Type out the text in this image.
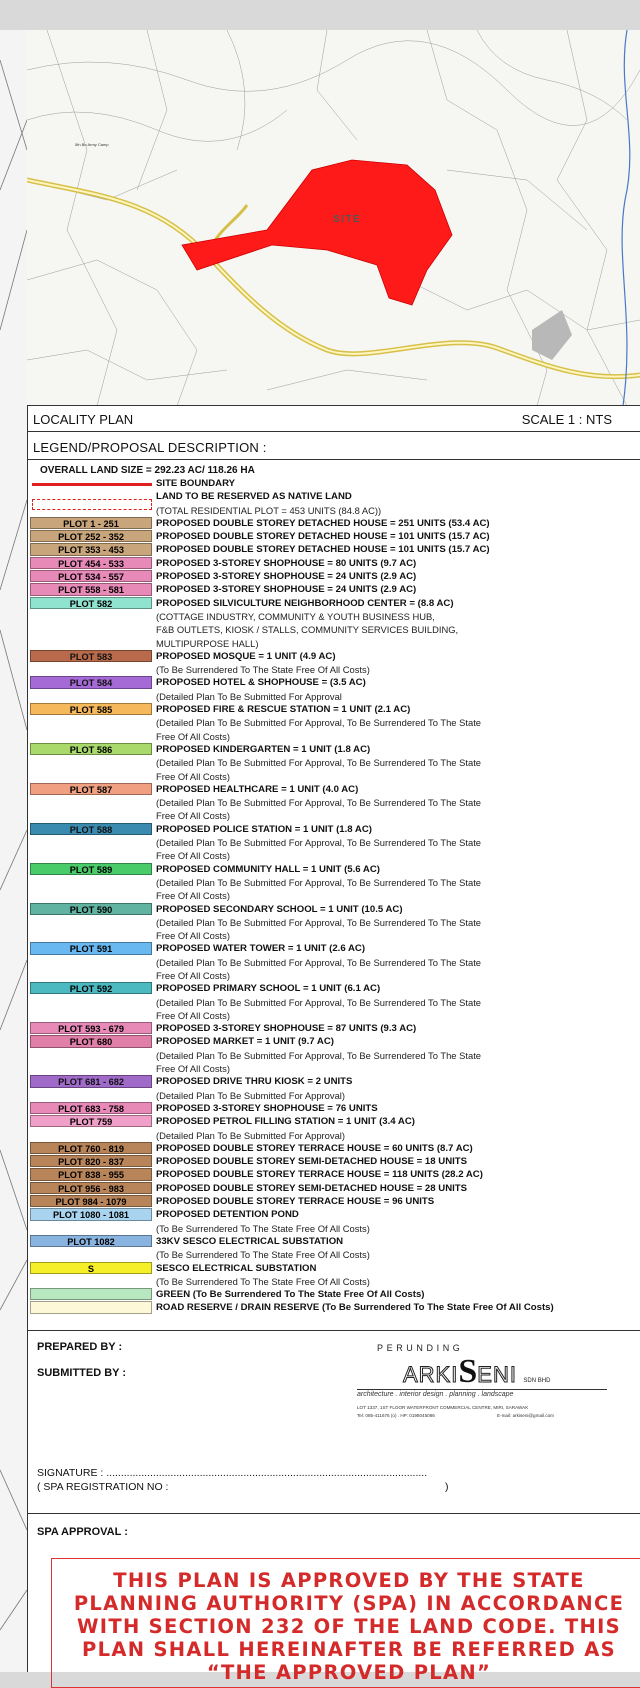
SITE
5th Bn Army Camp
LOCALITY PLAN	SCALE 1 : NTS
LEGEND/PROPOSAL DESCRIPTION :
OVERALL LAND SIZE = 292.23 AC/ 118.26 HA
SITE BOUNDARY
LAND TO BE RESERVED AS NATIVE LAND
(TOTAL RESIDENTIAL PLOT = 453 UNITS (84.8 AC))
PLOT 1 - 251	PROPOSED DOUBLE STOREY DETACHED HOUSE = 251 UNITS (53.4 AC)
PLOT 252 - 352	PROPOSED DOUBLE STOREY DETACHED HOUSE = 101 UNITS (15.7 AC)
PLOT 353 - 453	PROPOSED DOUBLE STOREY DETACHED HOUSE = 101 UNITS (15.7 AC)
PLOT 454 - 533	PROPOSED 3-STOREY SHOPHOUSE = 80 UNITS (9.7 AC)
PLOT 534 - 557	PROPOSED 3-STOREY SHOPHOUSE = 24 UNITS (2.9 AC)
PLOT 558 - 581	PROPOSED 3-STOREY SHOPHOUSE = 24 UNITS (2.9 AC)
PLOT 582	PROPOSED SILVICULTURE NEIGHBORHOOD CENTER = (8.8 AC)
(COTTAGE INDUSTRY, COMMUNITY & YOUTH BUSINESS HUB,
F&B OUTLETS, KIOSK / STALLS, COMMUNITY SERVICES BUILDING,
MULTIPURPOSE HALL)
PLOT 583	PROPOSED MOSQUE = 1 UNIT (4.9 AC)
(To Be Surrendered To The State Free Of All Costs)
PLOT 584	PROPOSED HOTEL & SHOPHOUSE = (3.5 AC)
(Detailed Plan To Be Submitted For Approval
PLOT 585	PROPOSED FIRE & RESCUE STATION = 1 UNIT (2.1 AC)
(Detailed Plan To Be Submitted For Approval, To Be Surrendered To The State
Free Of All Costs)
PLOT 586	PROPOSED KINDERGARTEN = 1 UNIT (1.8 AC)
(Detailed Plan To Be Submitted For Approval, To Be Surrendered To The State
Free Of All Costs)
PLOT 587	PROPOSED HEALTHCARE = 1 UNIT (4.0 AC)
(Detailed Plan To Be Submitted For Approval, To Be Surrendered To The State
Free Of All Costs)
PLOT 588	PROPOSED POLICE STATION = 1 UNIT (1.8 AC)
(Detailed Plan To Be Submitted For Approval, To Be Surrendered To The State
Free Of All Costs)
PLOT 589	PROPOSED COMMUNITY HALL = 1 UNIT (5.6 AC)
(Detailed Plan To Be Submitted For Approval, To Be Surrendered To The State
Free Of All Costs)
PLOT 590	PROPOSED SECONDARY SCHOOL = 1 UNIT (10.5 AC)
(Detailed Plan To Be Submitted For Approval, To Be Surrendered To The State
Free Of All Costs)
PLOT 591	PROPOSED WATER TOWER = 1 UNIT (2.6 AC)
(Detailed Plan To Be Submitted For Approval, To Be Surrendered To The State
Free Of All Costs)
PLOT 592	PROPOSED PRIMARY SCHOOL = 1 UNIT (6.1 AC)
(Detailed Plan To Be Submitted For Approval, To Be Surrendered To The State
Free Of All Costs)
PLOT 593 - 679	PROPOSED 3-STOREY SHOPHOUSE = 87 UNITS (9.3 AC)
PLOT 680	PROPOSED MARKET = 1 UNIT (9.7 AC)
(Detailed Plan To Be Submitted For Approval, To Be Surrendered To The State
Free Of All Costs)
PLOT 681 - 682	PROPOSED DRIVE THRU KIOSK = 2 UNITS
(Detailed Plan To Be Submitted For Approval)
PLOT 683 - 758	PROPOSED 3-STOREY SHOPHOUSE = 76 UNITS
PLOT 759	PROPOSED PETROL FILLING STATION = 1 UNIT (3.4 AC)
(Detailed Plan To Be Submitted For Approval)
PLOT 760 - 819	PROPOSED DOUBLE STOREY TERRACE HOUSE = 60 UNITS (8.7 AC)
PLOT 820 - 837	PROPOSED DOUBLE STOREY SEMI-DETACHED HOUSE = 18 UNITS
PLOT 838 - 955	PROPOSED DOUBLE STOREY TERRACE HOUSE = 118 UNITS (28.2 AC)
PLOT 956 - 983	PROPOSED DOUBLE STOREY SEMI-DETACHED HOUSE = 28 UNITS
PLOT 984 - 1079	PROPOSED DOUBLE STOREY TERRACE HOUSE = 96 UNITS
PLOT 1080 - 1081	PROPOSED DETENTION POND
(To Be Surrendered To The State Free Of All Costs)
PLOT 1082	33KV SESCO ELECTRICAL SUBSTATION
(To Be Surrendered To The State Free Of All Costs)
S	SESCO ELECTRICAL SUBSTATION
(To Be Surrendered To The State Free Of All Costs)
GREEN (To Be Surrendered To The State Free Of All Costs)
ROAD RESERVE / DRAIN RESERVE (To Be Surrendered To The State Free Of All Costs)
PREPARED BY :
SUBMITTED BY :
PERUNDING
ARKISENI SDN BHD
architecture . interior design . planning . landscape
LOT 1337, 1ST FLOOR WATERFRONT COMMERCIAL CENTRE, MIRI, SARAWAK
Tel: 085-411676 (o) . HP: 0198045066	E-mail: arkiseni@gmail.com
SIGNATURE : ..............................................................................................................
( SPA REGISTRATION NO :	)
SPA APPROVAL :
THIS PLAN IS APPROVED BY THE STATE PLANNING AUTHORITY (SPA) IN ACCORDANCE WITH SECTION 232 OF THE LAND CODE. THIS PLAN SHALL HEREINAFTER BE REFERRED AS “THE APPROVED PLAN”
